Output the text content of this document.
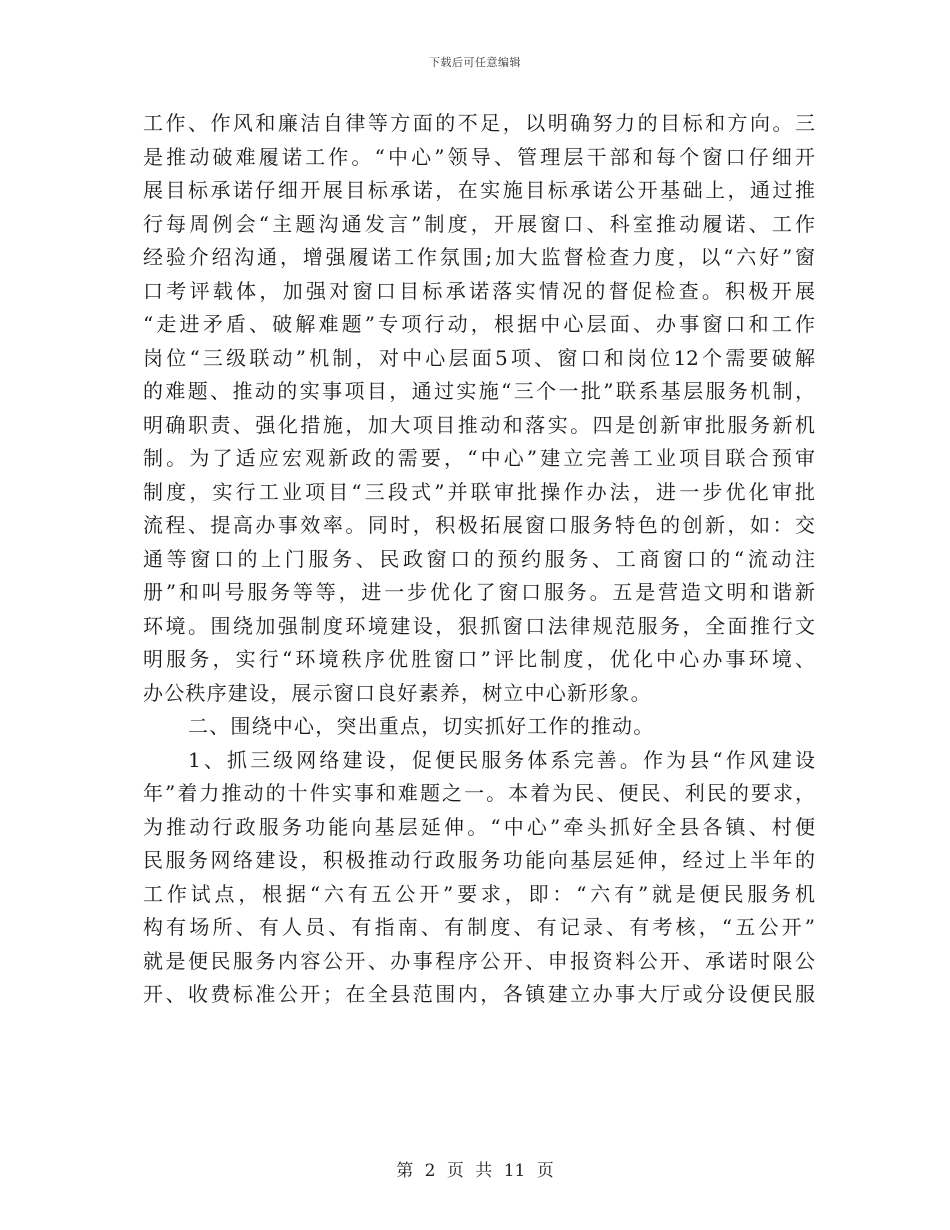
下载后可任意编辑
工作、作风和廉洁自律等方面的不足，以明确努力的目标和方向。三
是推动破难履诺工作。“中心”领导、管理层干部和每个窗口仔细开
展目标承诺仔细开展目标承诺，在实施目标承诺公开基础上，通过推
行每周例会“主题沟通发言”制度，开展窗口、科室推动履诺、工作
经验介绍沟通，增强履诺工作氛围;加大监督检查力度，以“六好”窗
口考评载体，加强对窗口目标承诺落实情况的督促检查。积极开展
“走进矛盾、破解难题”专项行动，根据中心层面、办事窗口和工作
岗位“三级联动”机制，对中心层面5项、窗口和岗位12个需要破解
的难题、推动的实事项目，通过实施“三个一批”联系基层服务机制，
明确职责、强化措施，加大项目推动和落实。四是创新审批服务新机
制。为了适应宏观新政的需要，“中心”建立完善工业项目联合预审
制度，实行工业项目“三段式”并联审批操作办法，进一步优化审批
流程、提高办事效率。同时，积极拓展窗口服务特色的创新，如：交
通等窗口的上门服务、民政窗口的预约服务、工商窗口的“流动注
册”和叫号服务等等，进一步优化了窗口服务。五是营造文明和谐新
环境。围绕加强制度环境建设，狠抓窗口法律规范服务，全面推行文
明服务，实行“环境秩序优胜窗口”评比制度，优化中心办事环境、
办公秩序建设，展示窗口良好素养，树立中心新形象。
二、围绕中心，突出重点，切实抓好工作的推动。
1、抓三级网络建设，促便民服务体系完善。作为县“作风建设
年”着力推动的十件实事和难题之一。本着为民、便民、利民的要求，
为推动行政服务功能向基层延伸。“中心”牵头抓好全县各镇、村便
民服务网络建设，积极推动行政服务功能向基层延伸，经过上半年的
工作试点，根据“六有五公开”要求，即：“六有”就是便民服务机
构有场所、有人员、有指南、有制度、有记录、有考核，“五公开”
就是便民服务内容公开、办事程序公开、申报资料公开、承诺时限公
开、收费标准公开；在全县范围内，各镇建立办事大厅或分设便民服
第 2 页 共 11 页
